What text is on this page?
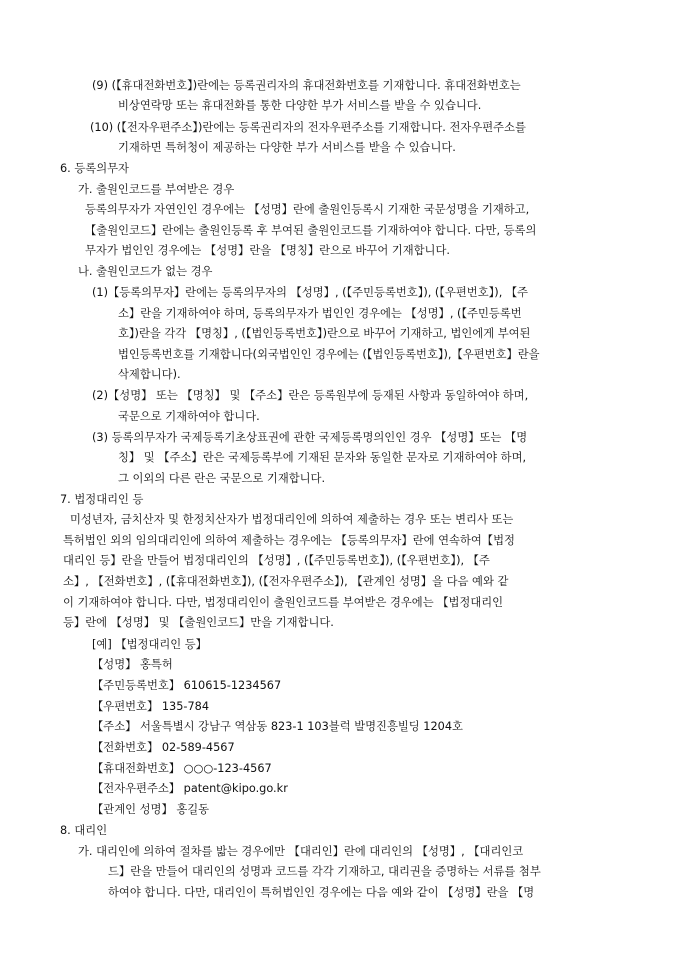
(9) (【휴대전화번호】)란에는 등록권리자의 휴대전화번호를 기재합니다. 휴대전화번호는
비상연락망 또는 휴대전화를 통한 다양한 부가 서비스를 받을 수 있습니다.
(10) (【전자우편주소】)란에는 등록권리자의 전자우편주소를 기재합니다. 전자우편주소를
기재하면 특허청이 제공하는 다양한 부가 서비스를 받을 수 있습니다.
6. 등록의무자
가. 출원인코드를 부여받은 경우
등록의무자가 자연인인 경우에는 【성명】란에 출원인등록시 기재한 국문성명을 기재하고,
【출원인코드】란에는 출원인등록 후 부여된 출원인코드를 기재하여야 합니다. 다만, 등록의
무자가 법인인 경우에는 【성명】란을 【명칭】란으로 바꾸어 기재합니다.
나. 출원인코드가 없는 경우
(1)【등록의무자】란에는 등록의무자의 【성명】, (【주민등록번호】), (【우편번호】), 【주
소】란을 기재하여야 하며, 등록의무자가 법인인 경우에는 【성명】, (【주민등록번
호】)란을 각각 【명칭】, (【법인등록번호】)란으로 바꾸어 기재하고, 법인에게 부여된
법인등록번호를 기재합니다(외국법인인 경우에는 (【법인등록번호】),【우편번호】란을
삭제합니다).
(2)【성명】 또는 【명칭】 및 【주소】란은 등록원부에 등재된 사항과 동일하여야 하며,
국문으로 기재하여야 합니다.
(3) 등록의무자가 국제등록기초상표권에 관한 국제등록명의인인 경우 【성명】또는 【명
칭】 및 【주소】란은 국제등록부에 기재된 문자와 동일한 문자로 기재하여야 하며,
그 이외의 다른 란은 국문으로 기재합니다.
7. 법정대리인 등
미성년자, 금치산자 및 한정치산자가 법정대리인에 의하여 제출하는 경우 또는 변리사 또는
특허법인 외의 임의대리인에 의하여 제출하는 경우에는 【등록의무자】란에 연속하여【법정
대리인 등】란을 만들어 법정대리인의 【성명】, (【주민등록번호】), (【우편번호】), 【주
소】, 【전화번호】, (【휴대전화번호】), (【전자우편주소】), 【관계인 성명】을 다음 예와 같
이 기재하여야 합니다. 다만, 법정대리인이 출원인코드를 부여받은 경우에는 【법정대리인
등】란에 【성명】 및 【출원인코드】만을 기재합니다.
[예] 【법정대리인 등】
【성명】 홍특허
【주민등록번호】 610615-1234567
【우편번호】 135-784
【주소】 서울특별시 강남구 역삼동 823-1 103블럭 발명진흥빌딩 1204호
【전화번호】 02-589-4567
【휴대전화번호】 ○○○-123-4567
【전자우편주소】 patent@kipo.go.kr
【관계인 성명】 홍길동
8. 대리인
가. 대리인에 의하여 절차를 밟는 경우에만 【대리인】란에 대리인의 【성명】, 【대리인코
드】란을 만들어 대리인의 성명과 코드를 각각 기재하고, 대리권을 증명하는 서류를 첨부
하여야 합니다. 다만, 대리인이 특허법인인 경우에는 다음 예와 같이 【성명】란을 【명
